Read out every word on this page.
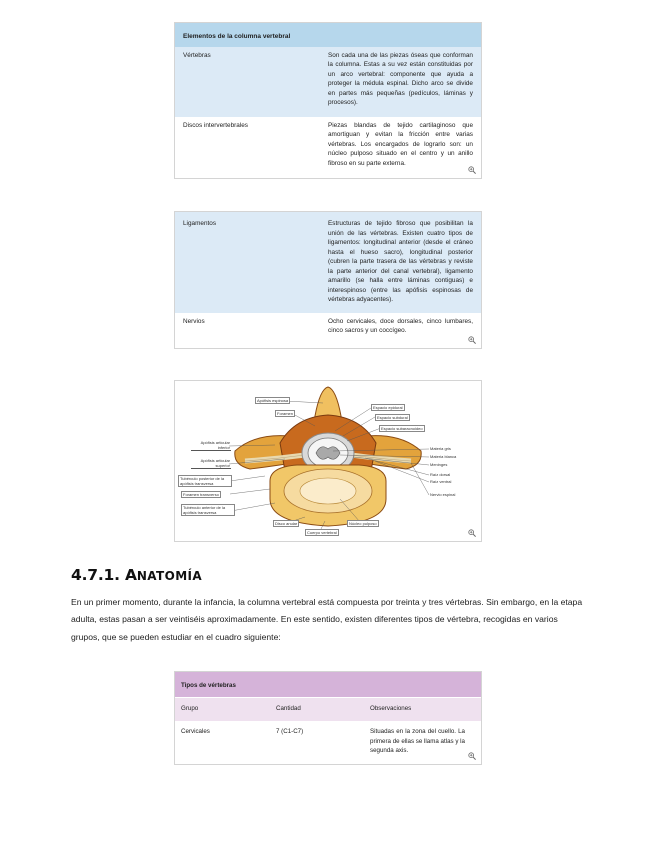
Elementos de la columna vertebral
Vértebras	Son cada una de las piezas óseas que conforman la columna. Estas a su vez están constituidas por un arco vertebral: componente que ayuda a proteger la médula espinal. Dicho arco se divide en partes más pequeñas (pedículos, láminas y procesos).
Discos intervertebrales	Piezas blandas de tejido cartilaginoso que amortiguan y evitan la fricción entre varias vértebras. Los encargados de lograrlo son: un núcleo pulposo situado en el centro y un anillo fibroso en su parte externa.
Ligamentos	Estructuras de tejido fibroso que posibilitan la unión de las vértebras. Existen cuatro tipos de ligamentos: longitudinal anterior (desde el cráneo hasta el hueso sacro), longitudinal posterior (cubren la parte trasera de las vértebras y reviste la parte anterior del canal vertebral), ligamento amarillo (se halla entre láminas contiguas) e interespinoso (entre las apófisis espinosas de vértebras adyacentes).
Nervios	Ocho cervicales, doce dorsales, cinco lumbares, cinco sacros y un coccígeo.
Apófisis espinosa
Foramen
Espacio epidural
Espacio subdural
Espacio subaracnoideo
Apófisis articular inferior
Apófisis articular superior
Tubérculo posterior de la apófisis transversa
Foramen transverso
Tubérculo anterior de la apófisis transversa
Disco anular
Cuerpo vertebral
Núcleo pulposo
Materia gris
Materia blanca
Meninges
Raíz dorsal
Raíz ventral
Nervio espinal
4.7.1. ANATOMÍA

En un primer momento, durante la infancia, la columna vertebral está compuesta por treinta y tres vértebras. Sin embargo, en la etapa adulta, estas pasan a ser veintiséis aproximadamente. En este sentido, existen diferentes tipos de vértebra, recogidas en varios grupos, que se pueden estudiar en el cuadro siguiente:

Tipos de vértebras
Grupo	Cantidad	Observaciones
Cervicales	7 (C1-C7)	Situadas en la zona del cuello. La primera de ellas se llama atlas y la segunda axis.
